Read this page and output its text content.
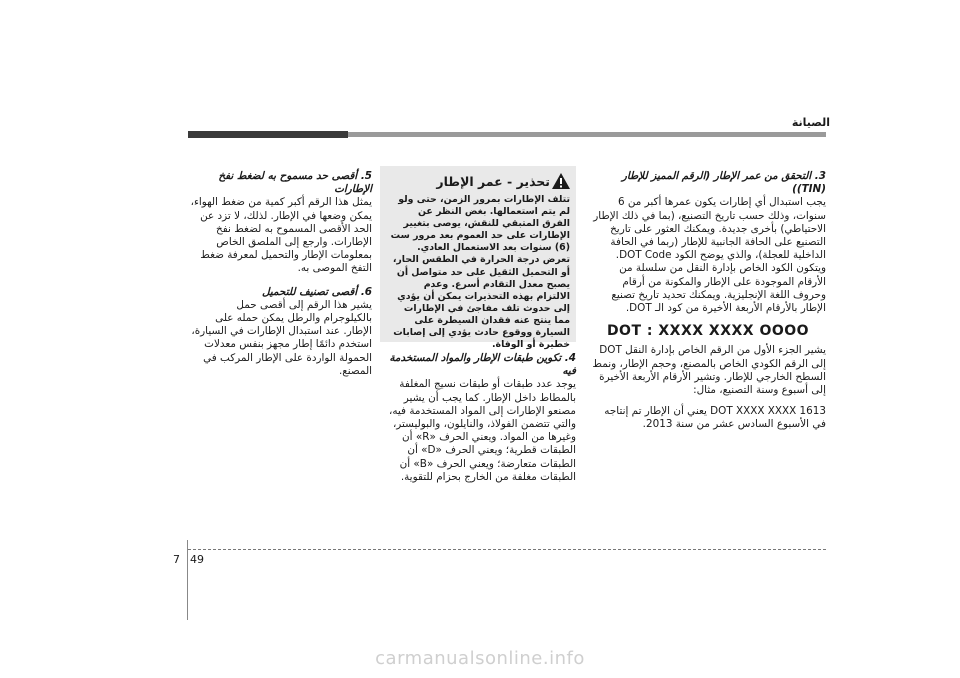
الصيانة

3. التحقق من عمر الإطار (الرقم المميز للإطار (TIN))

يجب استبدال أي إطارات يكون عمرها أكبر من 6 سنوات، وذلك حسب تاريخ التصنيع، (بما في ذلك الإطار الاحتياطي) بأخرى جديدة. ويمكنك العثور على تاريخ التصنيع على الحافة الجانبية للإطار (ربما في الحافة الداخلية للعجلة)، والذي يوضح الكود DOT Code. ويتكون الكود الخاص بإدارة النقل من سلسلة من الأرقام الموجودة على الإطار والمكونة من أرقام وحروف اللغة الإنجليزية. ويمكنك تحديد تاريخ تصنيع الإطار بالأرقام الأربعة الأخيرة من كود الـ DOT.

DOT : XXXX XXXX OOOO

يشير الجزء الأول من الرقم الخاص بإدارة النقل DOT إلى الرقم الكودي الخاص بالمصنع، وحجم الإطار، ونمط السطح الخارجي للإطار. وتشير الأرقام الأربعة الأخيرة إلى أسبوع وسنة التصنيع، مثال:

DOT XXXX XXXX 1613 يعني أن الإطار تم إنتاجه في الأسبوع السادس عشر من سنة 2013.

تحذير - عمر الإطار
تتلف الإطارات بمرور الزمن، حتى ولو لم يتم استعمالها. بغض النظر عن الفرق المتبقي للنقش، يوصى بتغيير الإطارات على حد العموم بعد مرور ست (6) سنوات بعد الاستعمال العادي. تعرض درجة الحرارة في الطقس الحار، أو التحميل الثقيل على حد متواصل أن يصبح معدل التقادم أسرع. وعدم الالتزام بهذه التحذيرات يمكن أن يؤدي إلى حدوث تلف مفاجئ في الإطارات مما ينتج عنه فقدان السيطرة على السيارة ووقوع حادث يؤدي إلى إصابات خطيرة أو الوفاة.

4. تكوين طبقات الإطار والمواد المستخدمة فيه

يوجد عدد طبقات أو طبقات نسيج المغلفة بالمطاط داخل الإطار. كما يجب أن يشير مصنعو الإطارات إلى المواد المستخدمة فيه، والتي تتضمن الفولاذ، والنايلون، والبوليستر، وغيرها من المواد. ويعني الحرف «R» أن الطبقات قطرية؛ ويعني الحرف «D» أن الطبقات متعارضة؛ ويعني الحرف «B» أن الطبقات مغلفة من الخارج بحزام للتقوية.

5. أقصى حد مسموح به لضغط نفخ الإطارات

يمثل هذا الرقم أكبر كمية من ضغط الهواء، يمكن وضعها في الإطار. لذلك، لا تزد عن الحد الأقصى المسموح به لضغط نفخ الإطارات. وارجع إلى الملصق الخاص بمعلومات الإطار والتحميل لمعرفة ضغط التفخ الموصى به.

6. أقصى تصنيف للتحميل

يشير هذا الرقم إلى أقصى حمل بالكيلوجرام والرطل يمكن حمله على الإطار. عند استبدال الإطارات في السيارة، استخدم دائمًا إطار مجهز بنفس معدلات الحمولة الواردة على الإطار المركب في المصنع.

49
7
carmanualsonline.info
